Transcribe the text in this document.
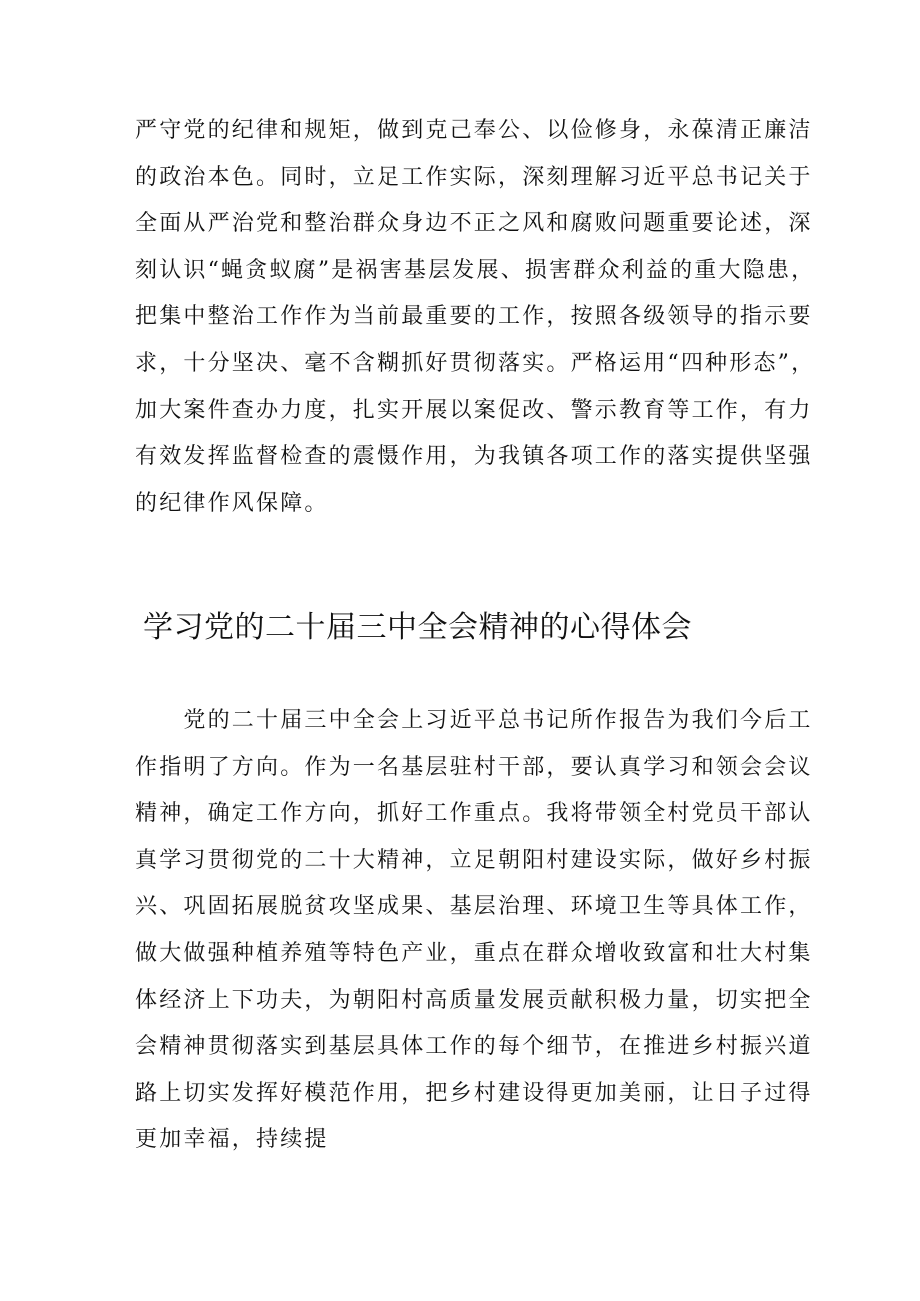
严守党的纪律和规矩，做到克己奉公、以俭修身，永葆清正廉洁
的政治本色。同时，立足工作实际，深刻理解习近平总书记关于
全面从严治党和整治群众身边不正之风和腐败问题重要论述，深
刻认识“蝇贪蚁腐”是祸害基层发展、损害群众利益的重大隐患，
把集中整治工作作为当前最重要的工作，按照各级领导的指示要
求，十分坚决、毫不含糊抓好贯彻落实。严格运用“四种形态”，
加大案件查办力度，扎实开展以案促改、警示教育等工作，有力
有效发挥监督检查的震慑作用，为我镇各项工作的落实提供坚强
的纪律作风保障。
学习党的二十届三中全会精神的心得体会
　　党的二十届三中全会上习近平总书记所作报告为我们今后工
作指明了方向。作为一名基层驻村干部，要认真学习和领会会议
精神，确定工作方向，抓好工作重点。我将带领全村党员干部认
真学习贯彻党的二十大精神，立足朝阳村建设实际，做好乡村振
兴、巩固拓展脱贫攻坚成果、基层治理、环境卫生等具体工作，
做大做强种植养殖等特色产业，重点在群众增收致富和壮大村集
体经济上下功夫，为朝阳村高质量发展贡献积极力量，切实把全
会精神贯彻落实到基层具体工作的每个细节，在推进乡村振兴道
路上切实发挥好模范作用，把乡村建设得更加美丽，让日子过得
更加幸福，持续提
